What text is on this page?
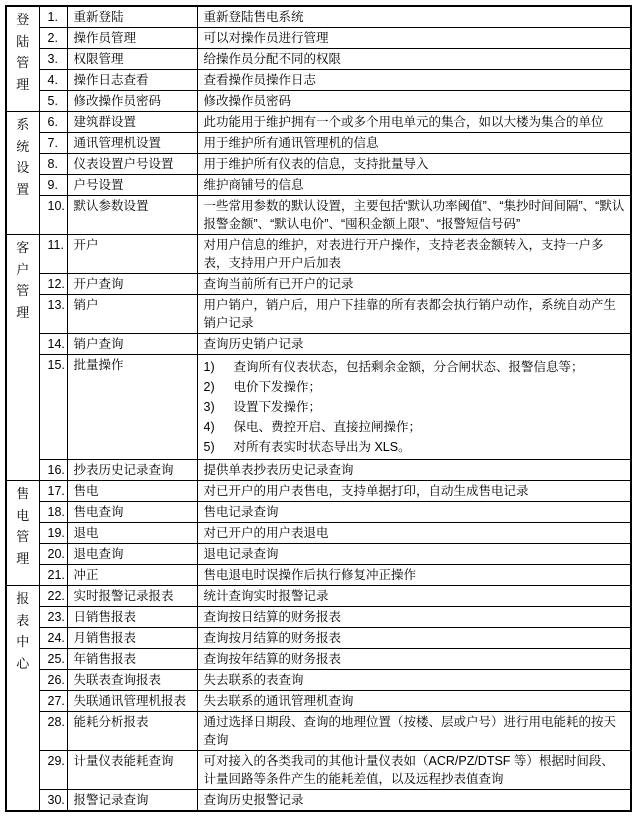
登
陆
管
理	1.	重新登陆	重新登陆售电系统
	2.	操作员管理	可以对操作员进行管理
	3.	权限管理	给操作员分配不同的权限
	4.	操作日志查看	查看操作员操作日志
	5.	修改操作员密码	修改操作员密码

系
统
设
置	6.	建筑群设置	此功能用于维护拥有一个或多个用电单元的集合，如以大楼为集合的单位
	7.	通讯管理机设置	用于维护所有通讯管理机的信息
	8.	仪表设置户号设置	用于维护所有仪表的信息，支持批量导入
	9.	户号设置	维护商铺号的信息
	10.	默认参数设置	一些常用参数的默认设置，主要包括“默认功率阈值”、“集抄时间间隔”、“默认报警金额”、“默认电价”、“囤积金额上限”、“报警短信号码”

客
户
管
理	11.	开户	对用户信息的维护，对表进行开户操作，支持老表金额转入，支持一户多表，支持用户开户后加表
	12.	开户查询	查询当前所有已开户的记录
	13.	销户	用户销户，销户后，用户下挂靠的所有表都会执行销户动作，系统自动产生销户记录
	14.	销户查询	查询历史销户记录
15.	批量操作	1)	查询所有仪表状态，包括剩余金额，分合闸状态、报警信息等；
2)	电价下发操作；
3)	设置下发操作；
4)	保电、费控开启、直接拉闸操作；
5)	对所有表实时状态导出为 XLS。

	16.	抄表历史记录查询	提供单表抄表历史记录查询

售
电
管
理	17.	售电	对已开户的用户表售电，支持单据打印，自动生成售电记录
	18.	售电查询	售电记录查询
	19.	退电	对已开户的用户表退电
	20.	退电查询	退电记录查询
	21.	冲正	售电退电时误操作后执行修复冲正操作

报
表
中
心	22.	实时报警记录报表	统计查询实时报警记录
	23.	日销售报表	查询按日结算的财务报表
	24.	月销售报表	查询按月结算的财务报表
	25.	年销售报表	查询按年结算的财务报表
	26.	失联表查询报表	失去联系的表查询
	27.	失联通讯管理机报表	失去联系的通讯管理机查询
	28.	能耗分析报表	通过选择日期段、查询的地理位置（按楼、层或户号）进行用电能耗的按天查询
	29.	计量仪表能耗查询	可对接入的各类我司的其他计量仪表如（ACR/PZ/DTSF 等）根据时间段、计量回路等条件产生的能耗差值，以及远程抄表值查询
	30.	报警记录查询	查询历史报警记录
